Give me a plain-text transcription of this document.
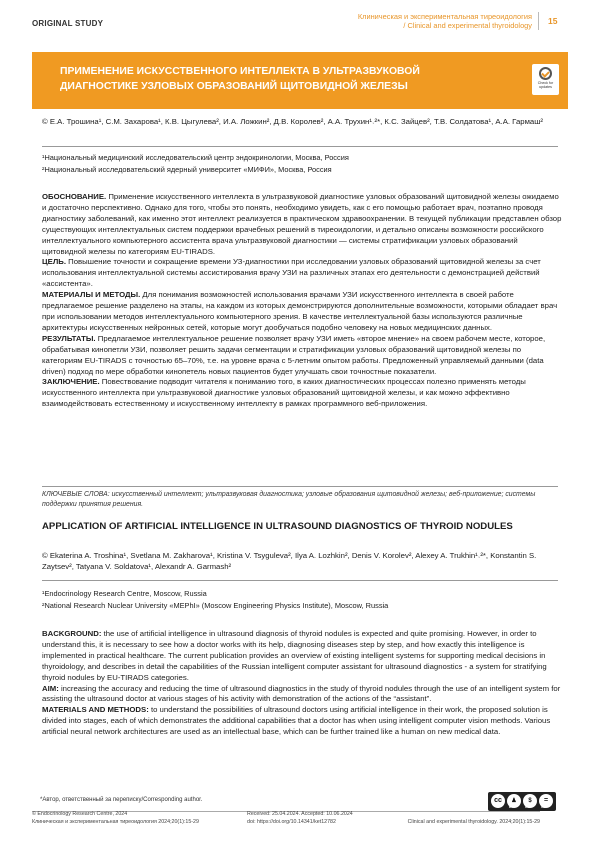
ORIGINAL STUDY
Клиническая и экспериментальная тиреоидология
/ Clinical and experimental thyroidology 15
ПРИМЕНЕНИЕ ИСКУССТВЕННОГО ИНТЕЛЛЕКТА В УЛЬТРАЗВУКОВОЙ ДИАГНОСТИКЕ УЗЛОВЫХ ОБРАЗОВАНИЙ ЩИТОВИДНОЙ ЖЕЛЕЗЫ	Check for
updates
© Е.А. Трошина¹, С.М. Захарова¹, К.В. Цыгулева², И.А. Ложкин², Д.В. Королев², А.А. Трухин¹˒²*, К.С. Зайцев², Т.В. Солдатова¹, А.А. Гармаш²
¹Национальный медицинский исследовательский центр эндокринологии, Москва, Россия
²Национальный исследовательский ядерный университет «МИФИ», Москва, Россия
ОБОСНОВАНИЕ. Применение искусственного интеллекта в ультразвуковой диагностике узловых образований щитовидной железы ожидаемо и достаточно перспективно. Однако для того, чтобы это понять, необходимо увидеть, как с его помощью работает врач, поэтапно проводя диагностику заболеваний, как именно этот интеллект реализуется в практическом здравоохранении. В текущей публикации представлен обзор существующих интеллектуальных систем поддержки врачебных решений в тиреоидологии, и детально описаны возможности российского интеллектуального компьютерного ассистента врача ультразвуковой диагностики — системы стратификации узловых образований щитовидной железы по категориям EU-TIRADS.
ЦЕЛЬ. Повышение точности и сокращение времени УЗ-диагностики при исследовании узловых образований щитовидной железы за счет использования интеллектуальной системы ассистирования врачу УЗИ на различных этапах его деятельности с демонстрацией действий «ассистента».
МАТЕРИАЛЫ И МЕТОДЫ. Для понимания возможностей использования врачами УЗИ искусственного интеллекта в своей работе предлагаемое решение разделено на этапы, на каждом из которых демонстрируются дополнительные возможности, которыми обладает врач при использовании методов интеллектуального компьютерного зрения. В качестве интеллектуальной базы используются различные архитектуры искусственных нейронных сетей, которые могут дообучаться подобно человеку на новых медицинских данных.
РЕЗУЛЬТАТЫ. Предлагаемое интеллектуальное решение позволяет врачу УЗИ иметь «второе мнение» на своем рабочем месте, которое, обрабатывая кинопетли УЗИ, позволяет решить задачи сегментации и стратификации узловых образований щитовидной железы по категориям EU-TIRADS с точностью 65–70%, т.е. на уровне врача с 5-летним опытом работы. Предложенный управляемый данными (data driven) подход по мере обработки кинопетель новых пациентов будет улучшать свои точностные показатели.
ЗАКЛЮЧЕНИЕ. Повествование подводит читателя к пониманию того, в каких диагностических процессах полезно применять методы искусственного интеллекта при ультразвуковой диагностике узловых образований щитовидной железы, и как можно эффективно взаимодействовать естественному и искусственному интеллекту в рамках программного веб-приложения.
КЛЮЧЕВЫЕ СЛОВА: искусственный интеллект; ультразвуковая диагностика; узловые образования щитовидной железы; веб-приложение; системы поддержки принятия решения.
APPLICATION OF ARTIFICIAL INTELLIGENCE IN ULTRASOUND DIAGNOSTICS OF THYROID NODULES
© Ekaterina A. Troshina¹, Svetlana M. Zakharova¹, Kristina V. Tsyguleva², Ilya A. Lozhkin², Denis V. Korolev², Alexey A. Trukhin¹˒²*, Konstantin S. Zaytsev², Tatyana V. Soldatova¹, Alexandr A. Garmash²
¹Endocrinology Research Centre, Moscow, Russia
²National Research Nuclear University «MEPhI» (Moscow Engineering Physics Institute), Moscow, Russia
BACKGROUND: the use of artificial intelligence in ultrasound diagnosis of thyroid nodules is expected and quite promising. However, in order to understand this, it is necessary to see how a doctor works with its help, diagnosing diseases step by step, and how exactly this intelligence is implemented in practical healthcare. The current publication provides an overview of existing intelligent systems for supporting medical decisions in thyroidology, and describes in detail the capabilities of the Russian intelligent computer assistant for ultrasound diagnostics - a system for stratifying thyroid nodules by EU-TIRADS categories.
AIM: increasing the accuracy and reducing the time of ultrasound diagnostics in the study of thyroid nodules through the use of an intelligent system for assisting the ultrasound doctor at various stages of his activity with demonstration of the actions of the “assistant”.
MATERIALS AND METHODS: to understand the possibilities of ultrasound doctors using artificial intelligence in their work, the proposed solution is divided into stages, each of which demonstrates the additional capabilities that a doctor has when using intelligent computer vision methods. Various artificial neural network architectures are used as an intellectual base, which can be further trained like a human on new medical data.
*Автор, ответственный за переписку/Corresponding author.	cc	♟	$	=
BY	NC	ND
© Endocrinology Research Centre, 2024	Received: 25.04.2024. Accepted: 10.06.2024
Клиническая и экспериментальная тиреоидология 2024;20(1):15-29	doi: https://doi.org/10.14341/ket12782	Clinical and experimental thyroidology. 2024;20(1):15-29
